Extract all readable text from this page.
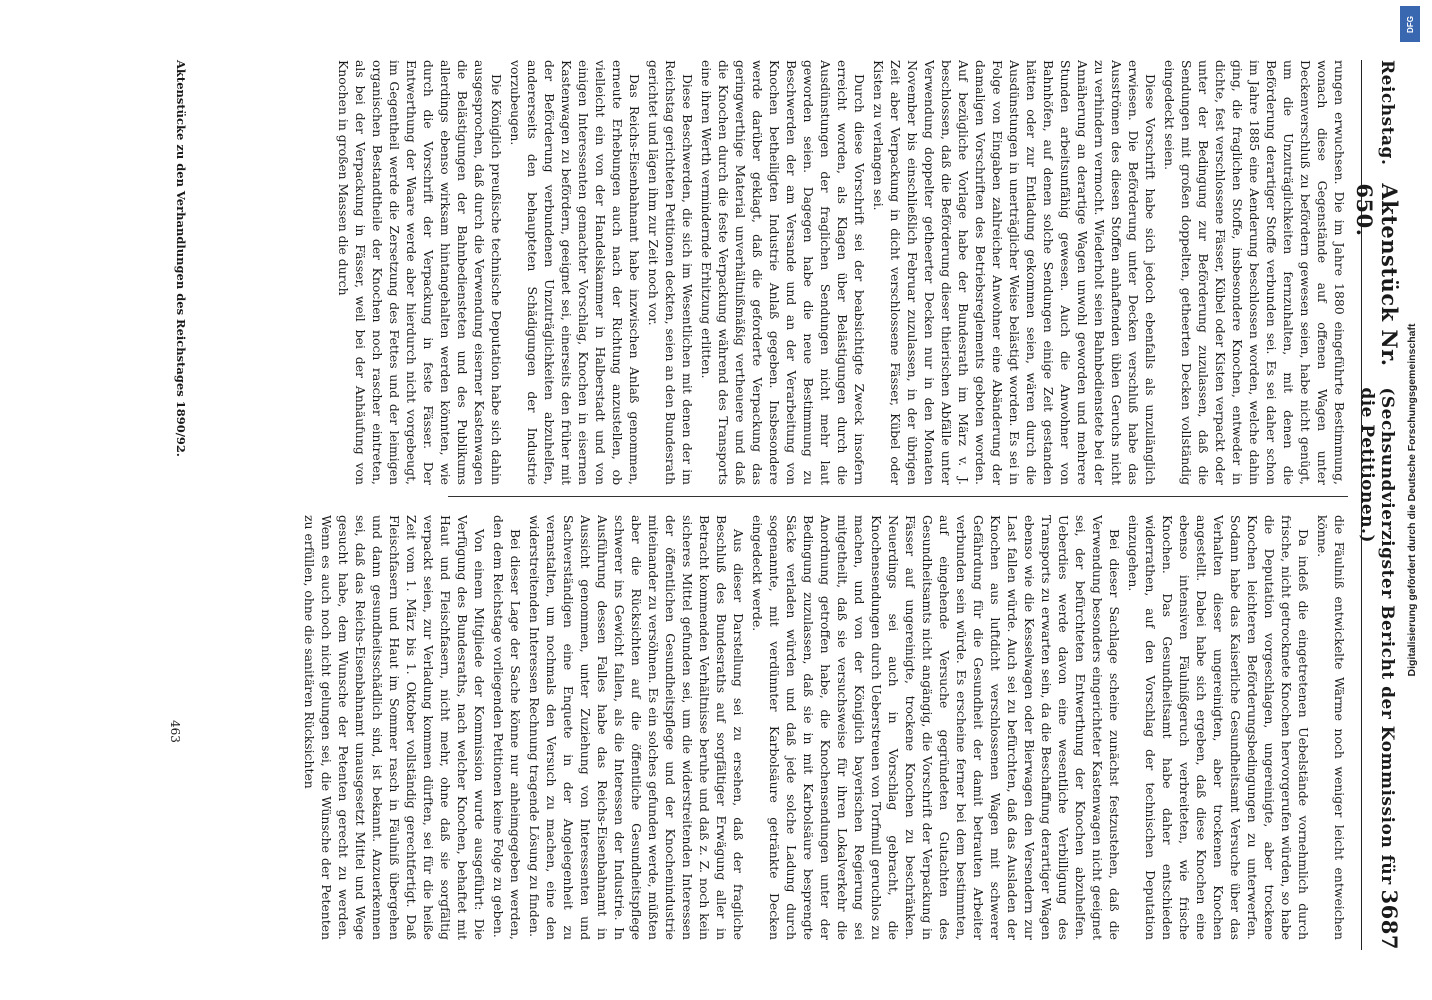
Reichstag.
Aktenstück Nr. 650.
(Sechsundvierzigster Bericht der Kommission für die Petitionen.)
3687

rungen erwuchsen. Die im Jahre 1880 eingeführte Bestimmung, wonach diese Gegenstände auf offenen Wagen unter Deckenverschluß zu befördern gewesen seien, habe nicht genügt, um die Unzuträglichkeiten fernzuhalten, mit denen die Beförderung derartiger Stoffe verbunden sei. Es sei daher schon im Jahre 1885 eine Aenderung beschlossen worden, welche dahin ging, die fraglichen Stoffe, insbesondere Knochen, entweder in dichte, fest verschlossene Fässer, Kübel oder Kisten verpackt oder unter der Bedingung zur Beförderung zuzulassen, daß die Sendungen mit großen doppelten, getheerten Decken vollständig eingedeckt seien.

Diese Vorschrift habe sich jedoch ebenfalls als unzulänglich erwiesen. Die Beförderung unter Decken verschluß habe das Ausströmen des diesen Stoffen anhaftenden üblen Geruchs nicht zu verhindern vermocht. Wiederholt seien Bahnbedienstete bei der Annäherung an derartige Wagen unwohl geworden und mehrere Stunden arbeitsunfähig gewesen. Auch die Anwohner von Bahnhöfen, auf denen solche Sendungen einige Zeit gestanden hätten oder zur Entladung gekommen seien, wären durch die Ausdünstungen in unerträglicher Weise belästigt worden. Es sei in Folge von Eingaben zahlreicher Anwohner eine Abänderung der damaligen Vorschriften des Betriebsreglements geboten worden. Auf bezügliche Vorlage habe der Bundesrath im März v. J. beschlossen, daß die Beförderung dieser thierischen Abfälle unter Verwendung doppelter getheerter Decken nur in den Monaten November bis einschließlich Februar zuzulassen, in der übrigen Zeit aber Verpackung in dicht verschlossene Fässer, Kübel oder Kisten zu verlangen sei.

Durch diese Vorschrift sei der beabsichtigte Zweck insofern erreicht worden, als Klagen über Belästigungen durch die Ausdünstungen der fraglichen Sendungen nicht mehr laut geworden seien. Dagegen habe die neue Bestimmung zu Beschwerden der am Versande und an der Verarbeitung von Knochen betheiligten Industrie Anlaß gegeben. Insbesondere werde darüber geklagt, daß die geforderte Verpackung das geringwerthige Material unverhältnißmäßig vertheuere und daß die Knochen durch die feste Verpackung während des Transports eine ihren Werth vermindernde Erhitzung erlitten.

Diese Beschwerden, die sich im Wesentlichen mit denen der im Reichstag gerichteten Petitionen deckten, seien an den Bundesrath gerichtet und lägen ihm zur Zeit noch vor.

Das Reichs-Eisenbahnamt habe inzwischen Anlaß genommen, erneute Erhebungen auch nach der Richtung anzustellen, ob vielleicht ein von der Handelskammer in Halberstadt und von einigen Interessenten gemachter Vorschlag, Knochen in eisernen Kastenwagen zu befördern, geeignet sei, einerseits den früher mit der Beförderung verbundenen Unzuträglichkeiten abzuhelfen, andererseits den behaupteten Schädigungen der Industrie vorzubeugen.

Die Königlich preußische technische Deputation habe sich dahin ausgesprochen, daß durch die Verwendung eiserner Kastenwagen die Belästigungen der Bahnbediensteten und des Publikums allerdings ebenso wirksam hintangehalten werden könnten, wie durch die Vorschrift der Verpackung in feste Fässer. Der Entwerthung der Waare werde aber hierdurch nicht vorgebeugt, im Gegentheil werde die Zersetzung des Fettes und der leimigen organischen Bestandtheile der Knochen noch rascher eintreten, als bei der Verpackung in Fässer, weil bei der Anhäufung von Knochen in großen Massen die durch

die Fäulniß entwickelte Wärme noch weniger leicht entweichen könne.

Da indeß die eingetretenen Uebelstände vornehmlich durch frische, nicht getrocknete Knochen hervorgerufen würden, so habe die Deputation vorgeschlagen, ungereinigte, aber trockene Knochen leichteren Beförderungsbedingungen zu unterwerfen. Sodann habe das Kaiserliche Gesundheitsamt Versuche über das Verhalten dieser ungereinigten, aber trockenen Knochen angestellt. Dabei habe sich ergeben, daß diese Knochen eine ebenso intensiven Fäulnißgeruch verbreiteten, wie frische Knochen. Das Gesundheitsamt habe daher entschieden widerrathen, auf den Vorschlag der technischen Deputation einzugehen.

Bei dieser Sachlage scheine zunächst festzustehen, daß die Verwendung besonders eingerichteter Kastenwagen nicht geeignet sei, der befürchteten Entwerthung der Knochen abzuhelfen. Ueberdies werde davon eine wesentliche Verbilligung des Transports zu erwarten sein, da die Beschaffung derartiger Wagen ebenso wie die Kesselwagen oder Bierwagen den Versendern zur Last fallen würde. Auch sei zu befürchten, daß das Ausladen der Knochen aus luftdicht verschlossenen Wagen mit schwerer Gefährdung für die Gesundheit der damit betrauten Arbeiter verbunden sein würde. Es erscheine ferner bei dem bestimmten, auf eingehende Versuche gegründeten Gutachten des Gesundheitsamts nicht angängig, die Vorschrift der Verpackung in Fässer auf ungereinigte, trockene Knochen zu beschränken. Neuerdings sei auch in Vorschlag gebracht, die Knochensendungen durch Ueberstreuen von Torfmull geruchlos zu machen, und von der Königlich bayerischen Regierung sei mitgetheilt, daß sie versuchsweise für ihren Lokalverkehr die Anordnung getroffen habe, die Knochensendungen unter der Bedingung zuzulassen, daß sie in mit Karbolsäure besprengte Säcke verladen würden und daß jede solche Ladung durch sogenannte, mit verdünnter Karbolsäure getränkte Decken eingedeckt werde.

Aus dieser Darstellung sei zu ersehen, daß der fragliche Beschluß des Bundesraths auf sorgfältiger Erwägung aller in Betracht kommenden Verhältnisse beruhe und daß z. Z. noch kein sicheres Mittel gefunden sei, um die widerstreitenden Interessen der öffentlichen Gesundheitspflege und der Knochenindustrie miteinander zu versöhnen. Es ein solches gefunden werde, müßten aber die Rücksichten auf die öffentliche Gesundheitspflege schwerer ins Gewicht fallen, als die Interessen der Industrie. In Ausführung dessen Falles habe das Reichs-Eisenbahnamt in Aussicht genommen, unter Zuziehung von Interessenten und Sachverständigen eine Enquete in der Angelegenheit zu veranstalten, um nochmals den Versuch zu machen, eine den widerstreitenden Interessen Rechnung tragende Lösung zu finden.

Bei dieser Lage der Sache könne nur anheimgegeben werden, den dem Reichstage vorliegenden Petitionen keine Folge zu geben.

Von einem Mitgliede der Kommission wurde ausgeführt: Die Verfügung des Bundesraths, nach welcher Knochen, behaftet mit Haut und Fleischfasern, nicht mehr, ohne daß sie sorgfältig verpackt seien, zur Verladung kommen dürften, sei für die heiße Zeit vom 1. März bis 1. Oktober vollständig gerechtfertigt. Daß Fleischfasern und Haut im Sommer rasch in Fäulniß übergehen und dann gesundheitsschädlich sind, ist bekannt. Anzuerkennen sei, daß das Reichs-Eisenbahnamt unausgesetzt Mittel und Wege gesucht habe, dem Wunsche der Petenten gerecht zu werden. Wenn es auch noch nicht gelungen sei, die Wünsche der Petenten zu erfüllen, ohne die sanitären Rücksichten

Aktenstücke zu den Verhandlungen des Reichstages 1890/92.
463
DFG
Digitalisierung gefördert durch die Deutsche Forschungsgemeinschaft
